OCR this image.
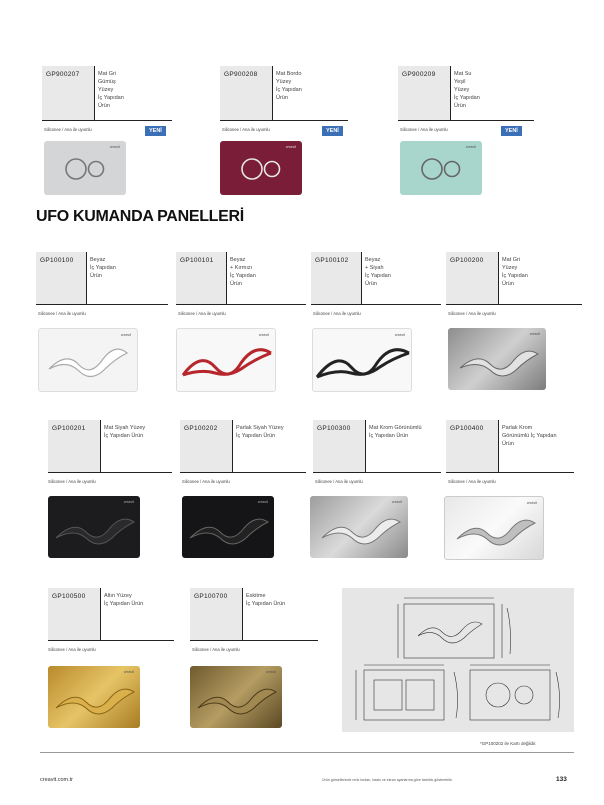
GP900207	Mat Gri
Gümüş
Yüzey
İç Yapıdan
Ürün
Siliconee / Ana ile uyumlu	YENİ
creavit
GP900208	Mat Bordo
Yüzey
İç Yapıdan
Ürün
Siliconee / Ana ile uyumlu	YENİ
creavit
GP900209	Mat Su
Yeşil
Yüzey
İç Yapıdan
Ürün
Siliconee / Ana ile uyumlu	YENİ
creavit
UFO KUMANDA PANELLERİ
GP100100	Beyaz
İç Yapıdan
Ürün
Siliconee / Ana ile uyumlu
GP100101	Beyaz
+ Kırmızı
İç Yapıdan
Ürün
Siliconee / Ana ile uyumlu
GP100102	Beyaz
+ Siyah
İç Yapıdan
Ürün
Siliconee / Ana ile uyumlu
GP100200	Mat Gri
Yüzey
İç Yapıdan
Ürün
Siliconee / Ana ile uyumlu
creavit	creavit	creavit	creavit
GP100201	Mat Siyah Yüzey
İç Yapıdan Ürün
Siliconee / Ana ile uyumlu
GP100202	Parlak Siyah Yüzey
İç Yapıdan Ürün
Siliconee / Ana ile uyumlu
GP100300	Mat Krom Görünümlü
İç Yapıdan Ürün
Siliconee / Ana ile uyumlu
GP100400	Parlak Krom
Görünümlü İç Yapıdan
Ürün
Siliconee / Ana ile uyumlu
creavit	creavit	creavit	creavit
GP100500	Altın Yüzey
İç Yapıdan Ürün
Siliconee / Ana ile uyumlu
GP100700	Eskitme
İç Yapıdan Ürün
Siliconee / Ana ile uyumlu
creavit	creavit
*GP100202 ile Kartı değildir.
creavit.com.tr	Ürün görsellerinde renk tonları, baskı ve ekran ayarlarına göre farklılık gösterebilir.	133
